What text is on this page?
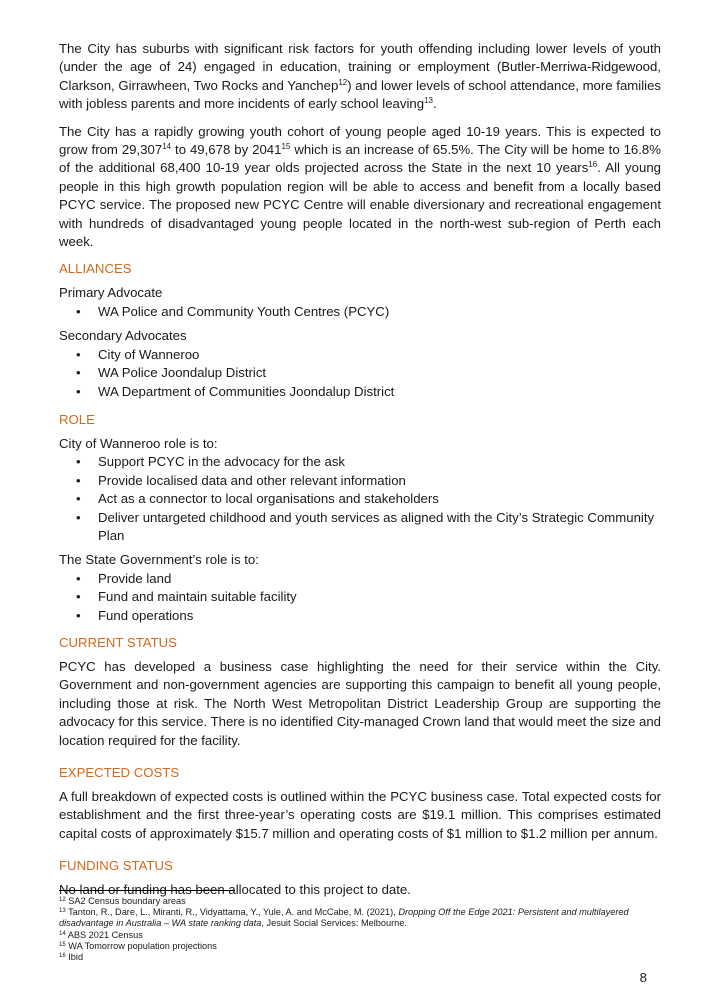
The City has suburbs with significant risk factors for youth offending including lower levels of youth (under the age of 24) engaged in education, training or employment (Butler-Merriwa-Ridgewood, Clarkson, Girrawheen, Two Rocks and Yanchep$^{12}$) and lower levels of school attendance, more families with jobless parents and more incidents of early school leaving$^{13}$.

The City has a rapidly growing youth cohort of young people aged 10-19 years. This is expected to grow from 29,307$^{14}$ to 49,678 by 2041$^{15}$ which is an increase of 65.5%. The City will be home to 16.8% of the additional 68,400 10-19 year olds projected across the State in the next 10 years$^{16}$. All young people in this high growth population region will be able to access and benefit from a locally based PCYC service. The proposed new PCYC Centre will enable diversionary and recreational engagement with hundreds of disadvantaged young people located in the north-west sub-region of Perth each week.

ALLIANCES
Primary Advocate
• WA Police and Community Youth Centres (PCYC)
Secondary Advocates
• City of Wanneroo
• WA Police Joondalup District
• WA Department of Communities Joondalup District
ROLE
City of Wanneroo role is to:
• Support PCYC in the advocacy for the ask
• Provide localised data and other relevant information
• Act as a connector to local organisations and stakeholders
• Deliver untargeted childhood and youth services as aligned with the City’s Strategic Community Plan
The State Government’s role is to:
• Provide land
• Fund and maintain suitable facility
• Fund operations
CURRENT STATUS

PCYC has developed a business case highlighting the need for their service within the City. Government and non-government agencies are supporting this campaign to benefit all young people, including those at risk. The North West Metropolitan District Leadership Group are supporting the advocacy for this service. There is no identified City-managed Crown land that would meet the size and location required for the facility.

EXPECTED COSTS

A full breakdown of expected costs is outlined within the PCYC business case. Total expected costs for establishment and the first three-year’s operating costs are $19.1 million. This comprises estimated capital costs of approximately $15.7 million and operating costs of $1 million to $1.2 million per annum.

FUNDING STATUS

No land or funding has been allocated to this project to date.

$^{12}$ SA2 Census boundary areas
$^{13}$ Tanton, R., Dare, L., Miranti, R., Vidyattama, Y., Yule, A. and McCabe, M. (2021), Dropping Off the Edge 2021: Persistent and multilayered disadvantage in Australia – WA state ranking data, Jesuit Social Services: Melbourne.
$^{14}$ ABS 2021 Census
$^{15}$ WA Tomorrow population projections
$^{16}$ Ibid
8
